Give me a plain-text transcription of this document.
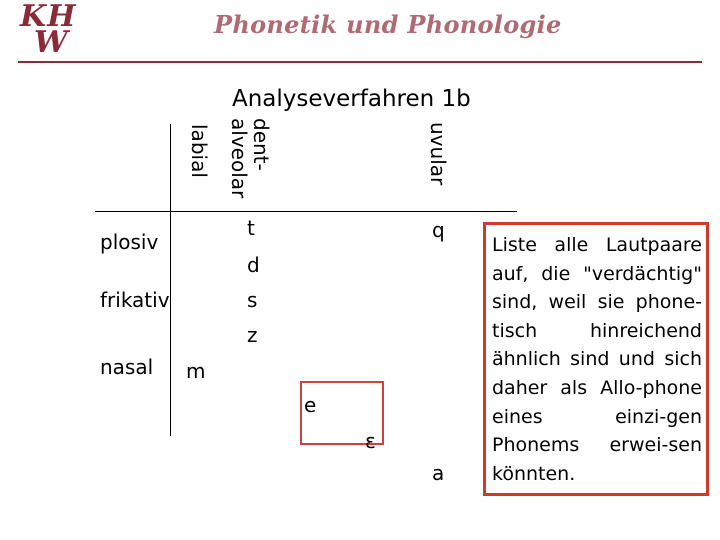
KH
W
Phonetik und Phonologie
Analyseverfahren 1b
labial dent-
alveolar	uvular
plosiv
frikativ
nasal
t
d
s
z
q
m
e
ɛ
a
Liste alle Lautpaare auf, die "verdächtig" sind, weil sie phone-tisch hinreichend ähnlich sind und sich daher als Allo-phone eines einzi-gen Phonems erwei-sen könnten.
